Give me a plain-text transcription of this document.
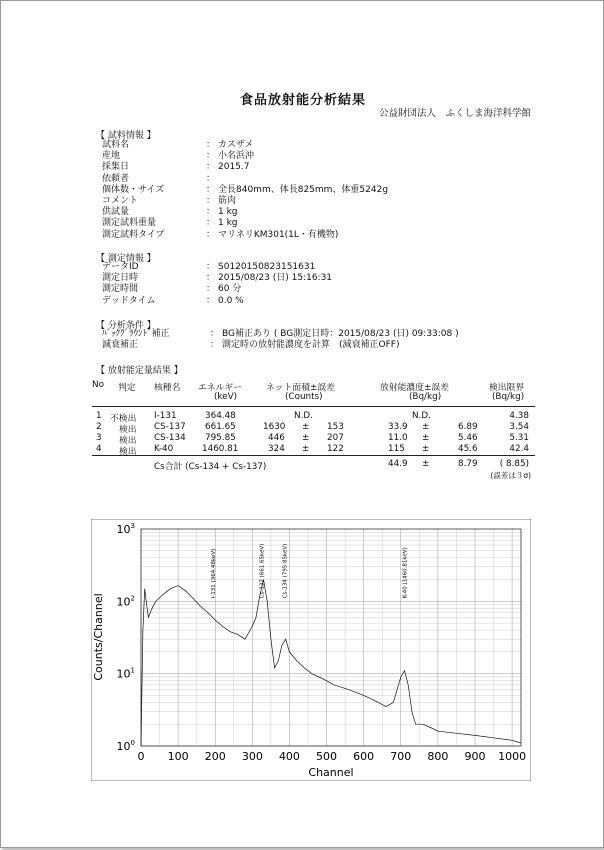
食品放射能分析結果
公益財団法人　ふくしま海洋科学館
【 試料情報 】
試料名	： カスザメ
産地	： 小名浜沖
採集日	： 2015.7
依頼者	：
個体数・サイズ	： 全長840mm、体長825mm、体重5242g
コメント	： 筋肉
供試量	： 1 kg
測定試料重量	： 1 kg
測定試料タイプ	： マリネリKM301(1L・有機物)
【 測定情報 】
データID	： S0120150823151631
測定日時	： 2015/08/23 (日) 15:16:31
測定時間	： 60 分
デッドタイム	： 0.0 %
【 分析条件 】
ﾊﾞｯｸｸﾞﾗｳﾝﾄﾞ補正	： BG補正あり ( BG測定日時：2015/08/23 (日) 09:33:08 )
減衰補正	： 測定時の放射能濃度を計算　(減衰補正OFF)
【 放射能定量結果 】
No 判定 核種名 エネルギー
(keV)
ネット面積±誤差
(Counts)
放射能濃度±誤差
(Bq/kg)
検出限界
(Bq/kg)
1 不検出 I-131	364.48	N.D.	N.D.	4.38
2 検出 CS-137 661.65	1630 ± 153	33.9 ±	6.89	3.54
3 検出 CS-134 795.85	446 ± 207	11.0 ±	5.46	5.31
4 検出 K-40	1460.81	324 ± 122	115 ±	45.6	42.4
Cs合計 (Cs-134 + Cs-137)	44.9 ±	8.79	( 8.85)
(誤差は３σ)
I-131 (364.48keV)	Cs-137 (661.65keV)	Cs-134 (795.85keV)	K-40 (1460.81keV)
0 100 200 300 400 500 600 700 800 900 1000
$10^0$
$10^1$
$10^2$
$10^3$
Channel
Counts/Channel
